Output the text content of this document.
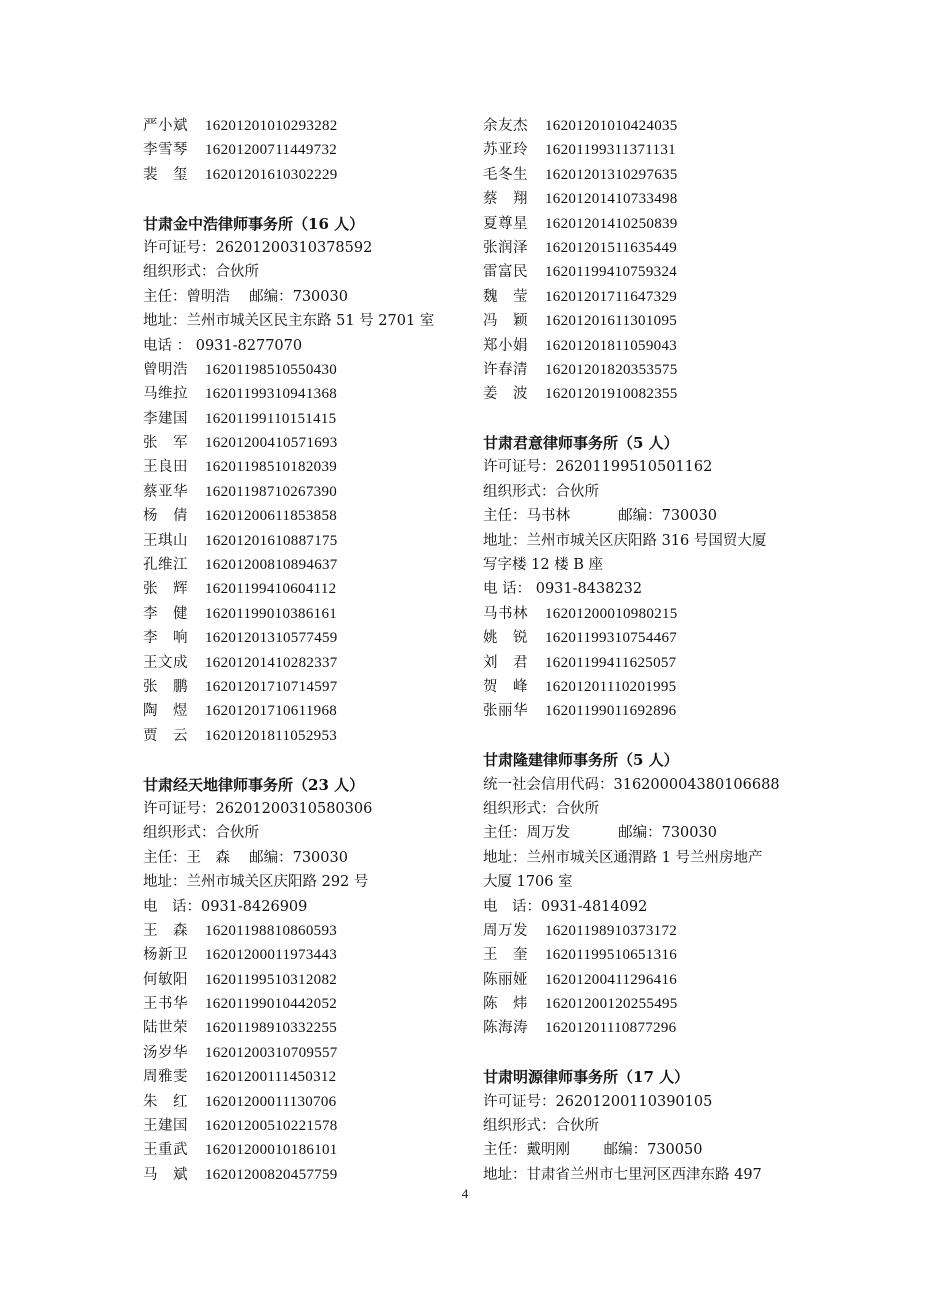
严小斌 16201201010293282
李雪琴 16201200711449732
裴　玺 16201201610302229
甘肃金中浩律师事务所（16 人）
许可证号：26201200310378592
组织形式：合伙所
主任：曾明浩　 邮编：730030
地址：兰州市城关区民主东路 51 号 2701 室
电话 ： 0931-8277070
曾明浩 16201198510550430
马维拉 16201199310941368
李建国 16201199110151415
张　军 16201200410571693
王良田 16201198510182039
蔡亚华 16201198710267390
杨　倩 16201200611853858
王琪山 16201201610887175
孔维江 16201200810894637
张　辉 16201199410604112
李　健 16201199010386161
李　响 16201201310577459
王文成 16201201410282337
张　鹏 16201201710714597
陶　煜 16201201710611968
贾　云 16201201811052953
甘肃经天地律师事务所（23 人）
许可证号：26201200310580306
组织形式：合伙所
主任：王　森　 邮编：730030
地址：兰州市城关区庆阳路 292 号
电　话：0931-8426909
王　森 16201198810860593
杨新卫 16201200011973443
何敏阳 16201199510312082
王书华 16201199010442052
陆世荣 16201198910332255
汤岁华 16201200310709557
周雅雯 16201200111450312
朱　红 16201200011130706
王建国 16201200510221578
王重武 16201200010186101
马　斌 16201200820457759
余友杰 16201201010424035
苏亚玲 16201199311371131
毛冬生 16201201310297635
蔡　翔 16201201410733498
夏尊星 16201201410250839
张润泽 16201201511635449
雷富民 16201199410759324
魏　莹 16201201711647329
冯　颖 16201201611301095
郑小娟 16201201811059043
许春清 16201201820353575
姜　波 16201201910082355
甘肃君意律师事务所（5 人）
许可证号：26201199510501162
组织形式：合伙所
主任：马书林　　　 邮编：730030
地址：兰州市城关区庆阳路 316 号国贸大厦
写字楼 12 楼 B 座
电 话： 0931-8438232
马书林 16201200010980215
姚　锐 16201199310754467
刘　君 16201199411625057
贺　峰 16201201110201995
张丽华 16201199011692896
甘肃隆建律师事务所（5 人）
统一社会信用代码：316200004380106688
组织形式：合伙所
主任：周万发　　　 邮编：730030
地址：兰州市城关区通渭路 1 号兰州房地产
大厦 1706 室
电　话：0931-4814092
周万发 16201198910373172
王　奎 16201199510651316
陈丽娅 16201200411296416
陈　炜 16201200120255495
陈海涛 16201201110877296
甘肃明源律师事务所（17 人）
许可证号：26201200110390105
组织形式：合伙所
主任：戴明刚　　 邮编：730050
地址：甘肃省兰州市七里河区西津东路 497
4
